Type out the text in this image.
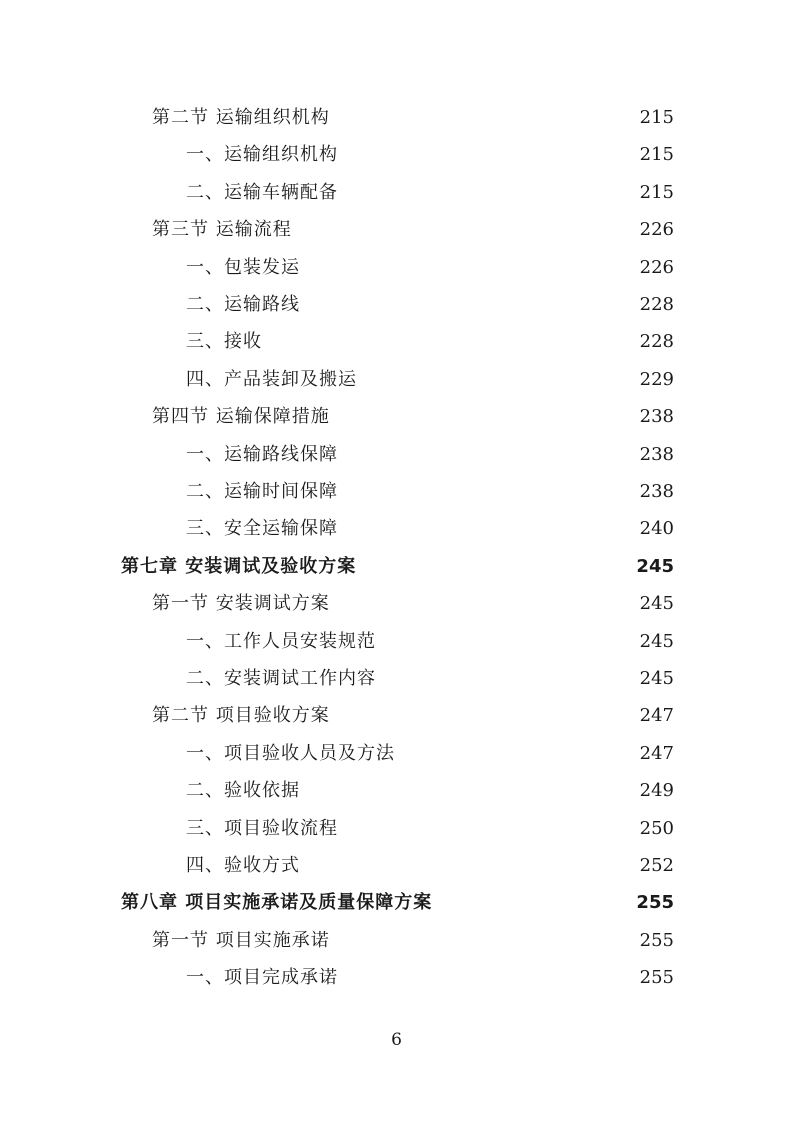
第二节 运输组织机构	215
一、运输组织机构	215
二、运输车辆配备	215
第三节 运输流程	226
一、包装发运	226
二、运输路线	228
三、接收	228
四、产品装卸及搬运	229
第四节 运输保障措施	238
一、运输路线保障	238
二、运输时间保障	238
三、安全运输保障	240
第七章 安装调试及验收方案	245
第一节 安装调试方案	245
一、工作人员安装规范	245
二、安装调试工作内容	245
第二节 项目验收方案	247
一、项目验收人员及方法	247
二、验收依据	249
三、项目验收流程	250
四、验收方式	252
第八章 项目实施承诺及质量保障方案	255
第一节 项目实施承诺	255
一、项目完成承诺	255
6
